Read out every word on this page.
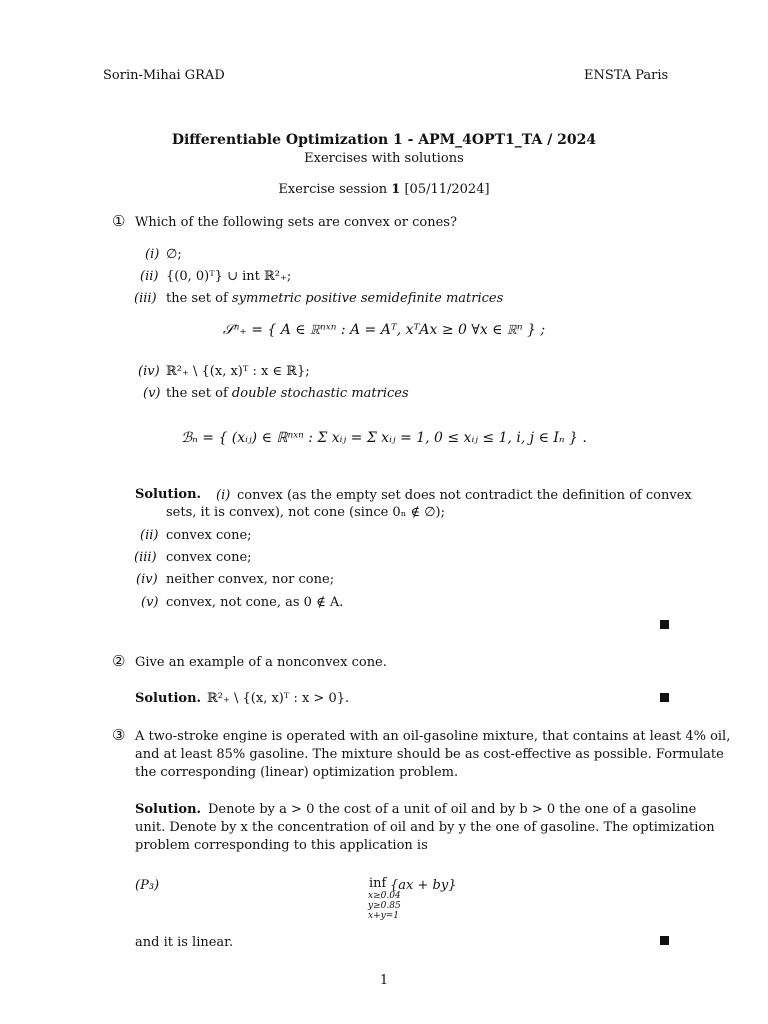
Sorin-Mihai GRAD	ENSTA Paris
Differentiable Optimization 1 - APM_4OPT1_TA / 2024
Exercises with solutions
Exercise session 1 [05/11/2024]
① Which of the following sets are convex or cones?
(i) ∅;
(ii) {(0, 0)ᵀ} ∪ int ℝ²₊;
(iii) the set of symmetric positive semidefinite matrices
𝒮ⁿ₊ = { A ∈ ℝⁿˣⁿ : A = Aᵀ, xᵀAx ≥ 0 ∀x ∈ ℝⁿ } ;
(iv) ℝ²₊ \ {(x, x)ᵀ : x ∈ ℝ};
(v) the set of double stochastic matrices
ℬₙ = { (xᵢⱼ) ∈ ℝⁿˣⁿ : Σ xᵢⱼ = Σ xᵢⱼ = 1, 0 ≤ xᵢⱼ ≤ 1, i, j ∈ Iₙ } .
Solution. (i) convex (as the empty set does not contradict the definition of convex
sets, it is convex), not cone (since 0ₙ ∉ ∅);
(ii) convex cone;
(iii) convex cone;
(iv) neither convex, nor cone;
(v) convex, not cone, as 0 ∉ A.
② Give an example of a nonconvex cone.
Solution. ℝ²₊ \ {(x, x)ᵀ : x > 0}.
③ A two-stroke engine is operated with an oil-gasoline mixture, that contains at least 4% oil,
and at least 85% gasoline. The mixture should be as cost-effective as possible. Formulate
the corresponding (linear) optimization problem.
Solution. Denote by a > 0 the cost of a unit of oil and by b > 0 the one of a gasoline
unit. Denote by x the concentration of oil and by y the one of gasoline. The optimization
problem corresponding to this application is
(P₃)	inf {ax + by}
x≥0.04
y≥0.85
x+y=1
and it is linear.
1
